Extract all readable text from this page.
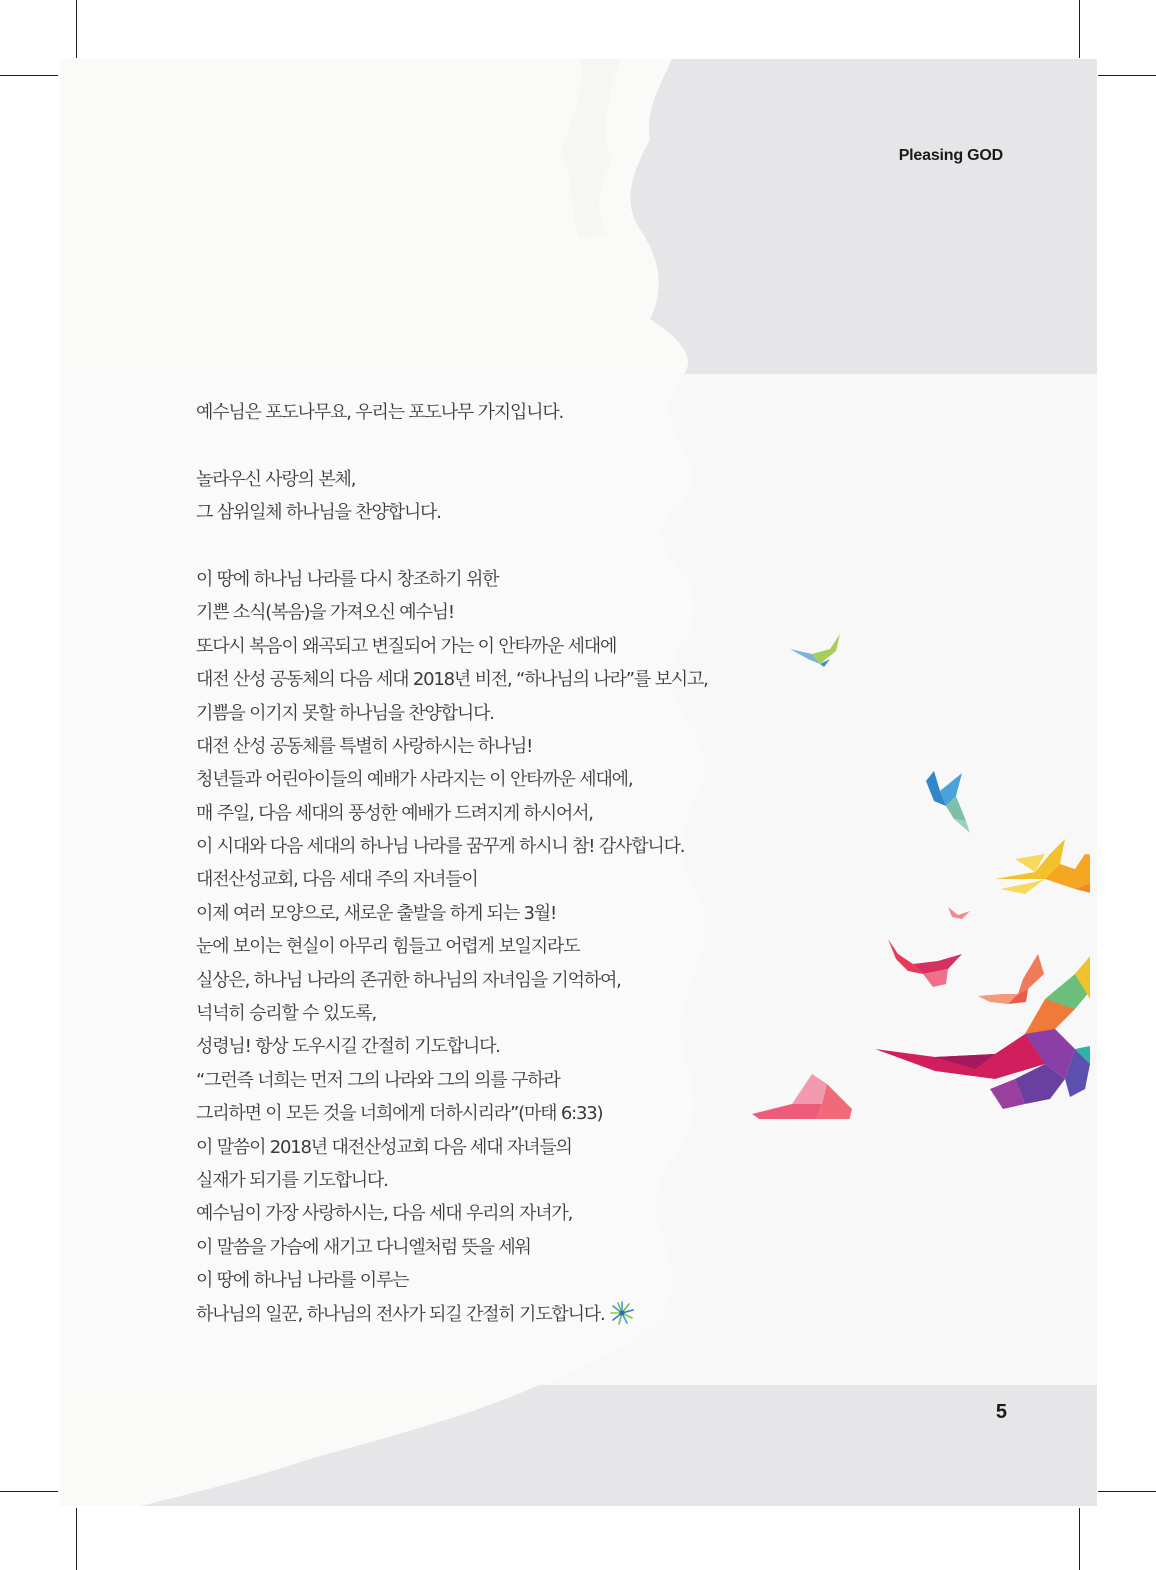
Pleasing GOD
예수님은 포도나무요, 우리는 포도나무 가지입니다.
놀라우신 사랑의 본체,
그 삼위일체 하나님을 찬양합니다.
이 땅에 하나님 나라를 다시 창조하기 위한
기쁜 소식(복음)을 가져오신 예수님!
또다시 복음이 왜곡되고 변질되어 가는 이 안타까운 세대에
대전 산성 공동체의 다음 세대 2018년 비전, “하나님의 나라”를 보시고,
기쁨을 이기지 못할 하나님을 찬양합니다.
대전 산성 공동체를 특별히 사랑하시는 하나님!
청년들과 어린아이들의 예배가 사라지는 이 안타까운 세대에,
매 주일, 다음 세대의 풍성한 예배가 드려지게 하시어서,
이 시대와 다음 세대의 하나님 나라를 꿈꾸게 하시니 참! 감사합니다.
대전산성교회, 다음 세대 주의 자녀들이
이제 여러 모양으로, 새로운 출발을 하게 되는 3월!
눈에 보이는 현실이 아무리 힘들고 어렵게 보일지라도
실상은, 하나님 나라의 존귀한 하나님의 자녀임을 기억하여,
넉넉히 승리할 수 있도록,
성령님! 항상 도우시길 간절히 기도합니다.
“그런즉 너희는 먼저 그의 나라와 그의 의를 구하라
그리하면 이 모든 것을 너희에게 더하시리라”(마태 6:33)
이 말씀이 2018년 대전산성교회 다음 세대 자녀들의
실재가 되기를 기도합니다.
예수님이 가장 사랑하시는, 다음 세대 우리의 자녀가,
이 말씀을 가슴에 새기고 다니엘처럼 뜻을 세워
이 땅에 하나님 나라를 이루는
하나님의 일꾼, 하나님의 전사가 되길 간절히 기도합니다.
5
